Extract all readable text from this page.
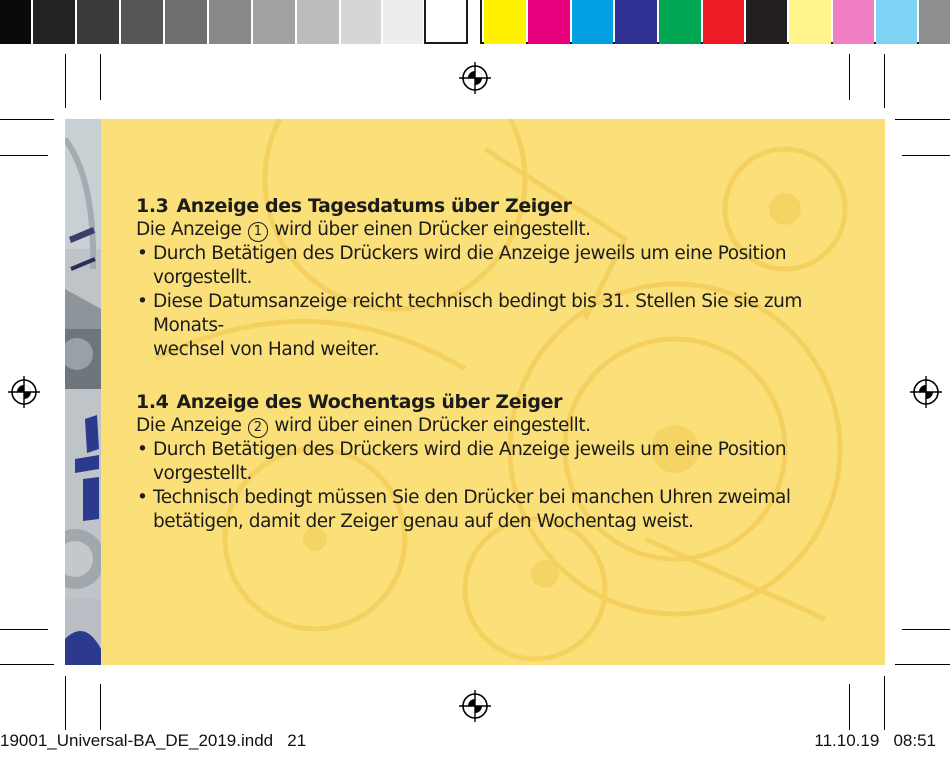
1.3 Anzeige des Tagesdatums über Zeiger
Die Anzeige 1 wird über einen Drücker eingestellt.
• Durch Betätigen des Drückers wird die Anzeige jeweils um eine Position
vorgestellt.
• Diese Datumsanzeige reicht technisch bedingt bis 31. Stellen Sie sie zum Monats-
wechsel von Hand weiter.
1.4 Anzeige des Wochentags über Zeiger
Die Anzeige 2 wird über einen Drücker eingestellt.
• Durch Betätigen des Drückers wird die Anzeige jeweils um eine Position
vorgestellt.
• Technisch bedingt müssen Sie den Drücker bei manchen Uhren zweimal
betätigen, damit der Zeiger genau auf den Wochentag weist.
19001_Universal-BA_DE_2019.indd   21	11.10.19   08:51
